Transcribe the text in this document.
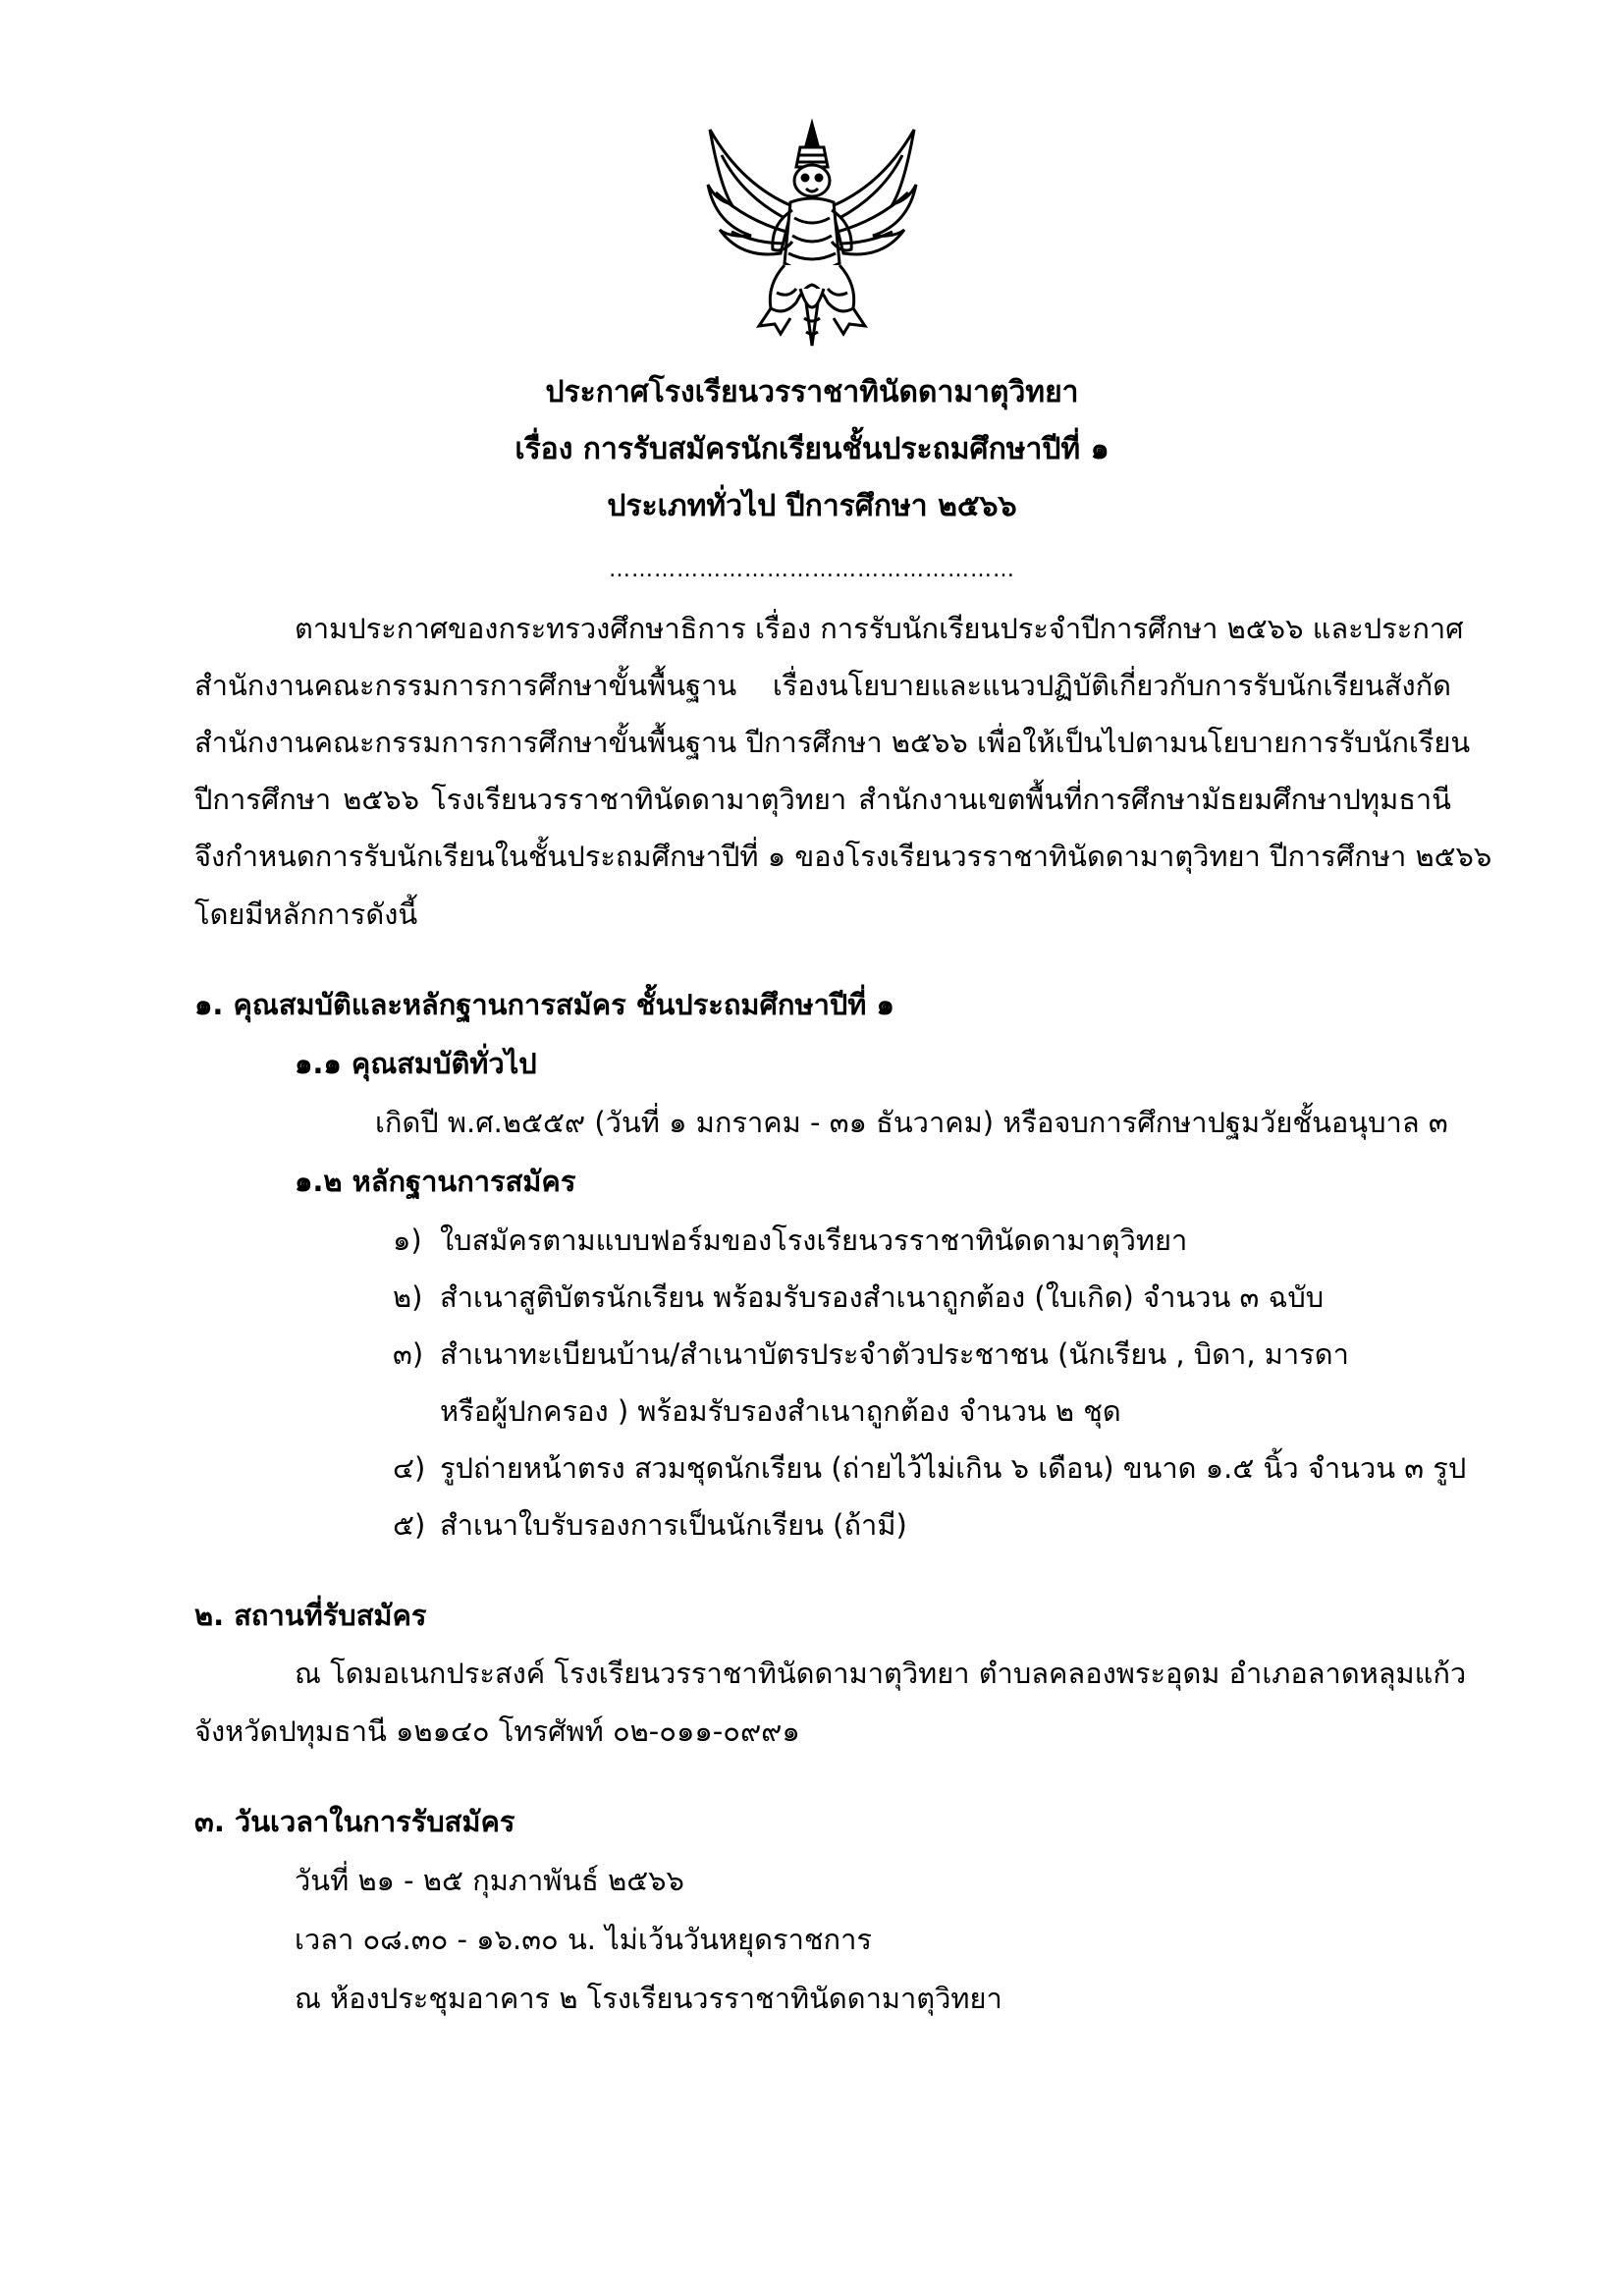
ประกาศโรงเรียนวรราชาทินัดดามาตุวิทยา
เรื่อง การรับสมัครนักเรียนชั้นประถมศึกษาปีที่ ๑
ประเภททั่วไป ปีการศึกษา ๒๕๖๖
………………………………………………
ตามประกาศของกระทรวงศึกษาธิการ เรื่อง การรับนักเรียนประจำปีการศึกษา ๒๕๖๖ และประกาศ
สำนักงานคณะกรรมการการศึกษาขั้นพื้นฐาน เรื่องนโยบายและแนวปฏิบัติเกี่ยวกับการรับนักเรียนสังกัด
สำนักงานคณะกรรมการการศึกษาขั้นพื้นฐาน ปีการศึกษา ๒๕๖๖ เพื่อให้เป็นไปตามนโยบายการรับนักเรียน
ปีการศึกษา ๒๕๖๖ โรงเรียนวรราชาทินัดดามาตุวิทยา สำนักงานเขตพื้นที่การศึกษามัธยมศึกษาปทุมธานี
จึงกำหนดการรับนักเรียนในชั้นประถมศึกษาปีที่ ๑ ของโรงเรียนวรราชาทินัดดามาตุวิทยา ปีการศึกษา ๒๕๖๖
โดยมีหลักการดังนี้
๑. คุณสมบัติและหลักฐานการสมัคร ชั้นประถมศึกษาปีที่ ๑
๑.๑ คุณสมบัติทั่วไป
เกิดปี พ.ศ.๒๕๕๙ (วันที่ ๑ มกราคม - ๓๑ ธันวาคม) หรือจบการศึกษาปฐมวัยชั้นอนุบาล ๓
๑.๒ หลักฐานการสมัคร
๑) ใบสมัครตามแบบฟอร์มของโรงเรียนวรราชาทินัดดามาตุวิทยา
๒) สำเนาสูติบัตรนักเรียน พร้อมรับรองสำเนาถูกต้อง (ใบเกิด) จำนวน ๓ ฉบับ
๓) สำเนาทะเบียนบ้าน/สำเนาบัตรประจำตัวประชาชน (นักเรียน , บิดา, มารดา
หรือผู้ปกครอง ) พร้อมรับรองสำเนาถูกต้อง จำนวน ๒ ชุด
๔) รูปถ่ายหน้าตรง สวมชุดนักเรียน (ถ่ายไว้ไม่เกิน ๖ เดือน) ขนาด ๑.๕ นิ้ว จำนวน ๓ รูป
๕) สำเนาใบรับรองการเป็นนักเรียน (ถ้ามี)
๒. สถานที่รับสมัคร
ณ โดมอเนกประสงค์ โรงเรียนวรราชาทินัดดามาตุวิทยา ตำบลคลองพระอุดม อำเภอลาดหลุมแก้ว
จังหวัดปทุมธานี ๑๒๑๔๐ โทรศัพท์ ๐๒-๐๑๑-๐๙๙๑
๓. วันเวลาในการรับสมัคร
วันที่ ๒๑ - ๒๕ กุมภาพันธ์ ๒๕๖๖
เวลา ๐๘.๓๐ - ๑๖.๓๐ น. ไม่เว้นวันหยุดราชการ
ณ ห้องประชุมอาคาร ๒ โรงเรียนวรราชาทินัดดามาตุวิทยา
